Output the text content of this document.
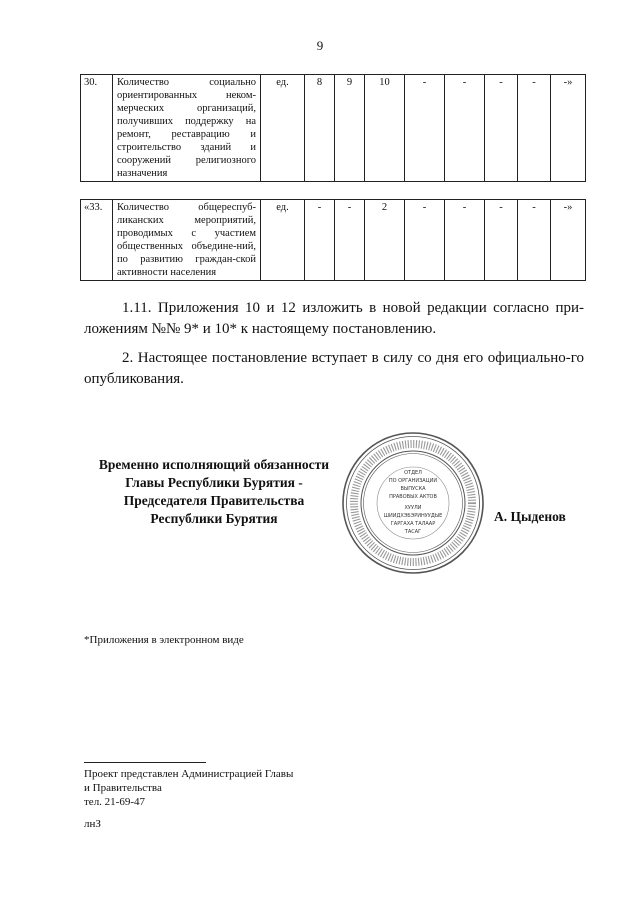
9
30.	Количество социально ориентированных неком-мерческих организаций, получивших поддержку на ремонт, реставрацию и строительство зданий и сооружений религиозного назначения	ед.	8	9	10	-	-	-	-	-»
«33.	Количество общереспуб-ликанских мероприятий, проводимых с участием общественных объедине-ний, по развитию граждан-ской активности населения	ед.	-	-	2	-	-	-	-	-»
1.11. Приложения 10 и 12 изложить в новой редакции согласно при-ложениям №№ 9* и 10* к настоящему постановлению.
2. Настоящее постановление вступает в силу со дня его официально-го опубликования.
Временно исполняющий обязанности
Главы Республики Бурятия -
Председателя Правительства
Республики Бурятия
ОТДЕЛ
ПО ОРГАНИЗАЦИИ
ВЫПУСКА
ПРАВОВЫХ АКТОВ
ХУУЛИ
ШИИДХЭБЭРИНУУДЫЕ
ГАРГАХА ТАЛААР
ТАСАГ
А. Цыденов
*Приложения в электронном виде
Проект представлен Администрацией Главы
и Правительства
тел. 21-69-47
лнЗ
